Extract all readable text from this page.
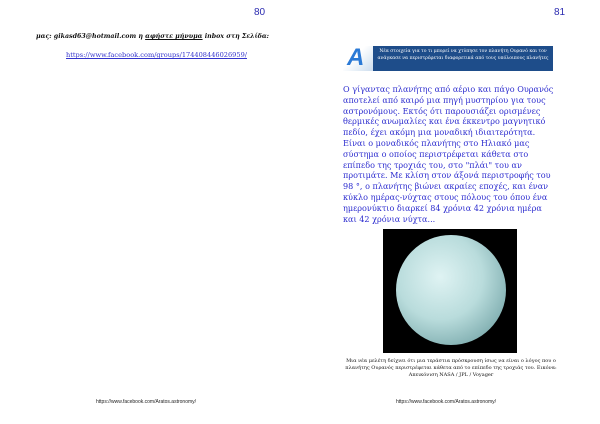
80	81
μας: gikasd63@hotmail.com η αφήστε μήνυμα inbox στη Σελίδα:
https://www.facebook.com/groups/174408446026959/
https://www.facebook.com/Aratos.astronomy/
A	Νέα στοιχεία για το τι μπορεί να χτύπησε τον πλανήτη Ουρανό και τον ανάγκασε να περιστρέφεται διαφορετικά από τους υπόλοιπους πλανήτες
Ο γίγαντας πλανήτης από αέριο και πάγο Ουρανός αποτελεί από καιρό μια πηγή μυστηρίου για τους αστρονόμους. Εκτός ότι παρουσιάζει ορισμένες θερμικές ανωμαλίες και ένα έκκεντρο μαγνητικό πεδίο, έχει ακόμη μια μοναδική ιδιαιτερότητα. Είναι ο μοναδικός πλανήτης στο Ηλιακό μας σύστημα ο οποίος περιστρέφεται κάθετα στο επίπεδο της τροχιάς του, στο "πλάι" του αν προτιμάτε. Με κλίση στον άξονά περιστροφής του 98 °, ο πλανήτης βιώνει ακραίες εποχές, και έναν κύκλο ημέρας-νύχτας στους πόλους του όπου ένα ημερονύκτιο διαρκεί 84 χρόνια 42 χρόνια ημέρα και 42 χρόνια νύχτα...
Μια νέα μελέτη δείχνει ότι μια τεράστια πρόσκρουση ίσως να είναι ο λόγος που ο πλανήτης Ουρανός περιστρέφεται κάθετα από το επίπεδο της τροχιάς του. Εικόνα: Απεικόνιση NASA / JPL / Voyager
https://www.facebook.com/Aratos.astronomy/
